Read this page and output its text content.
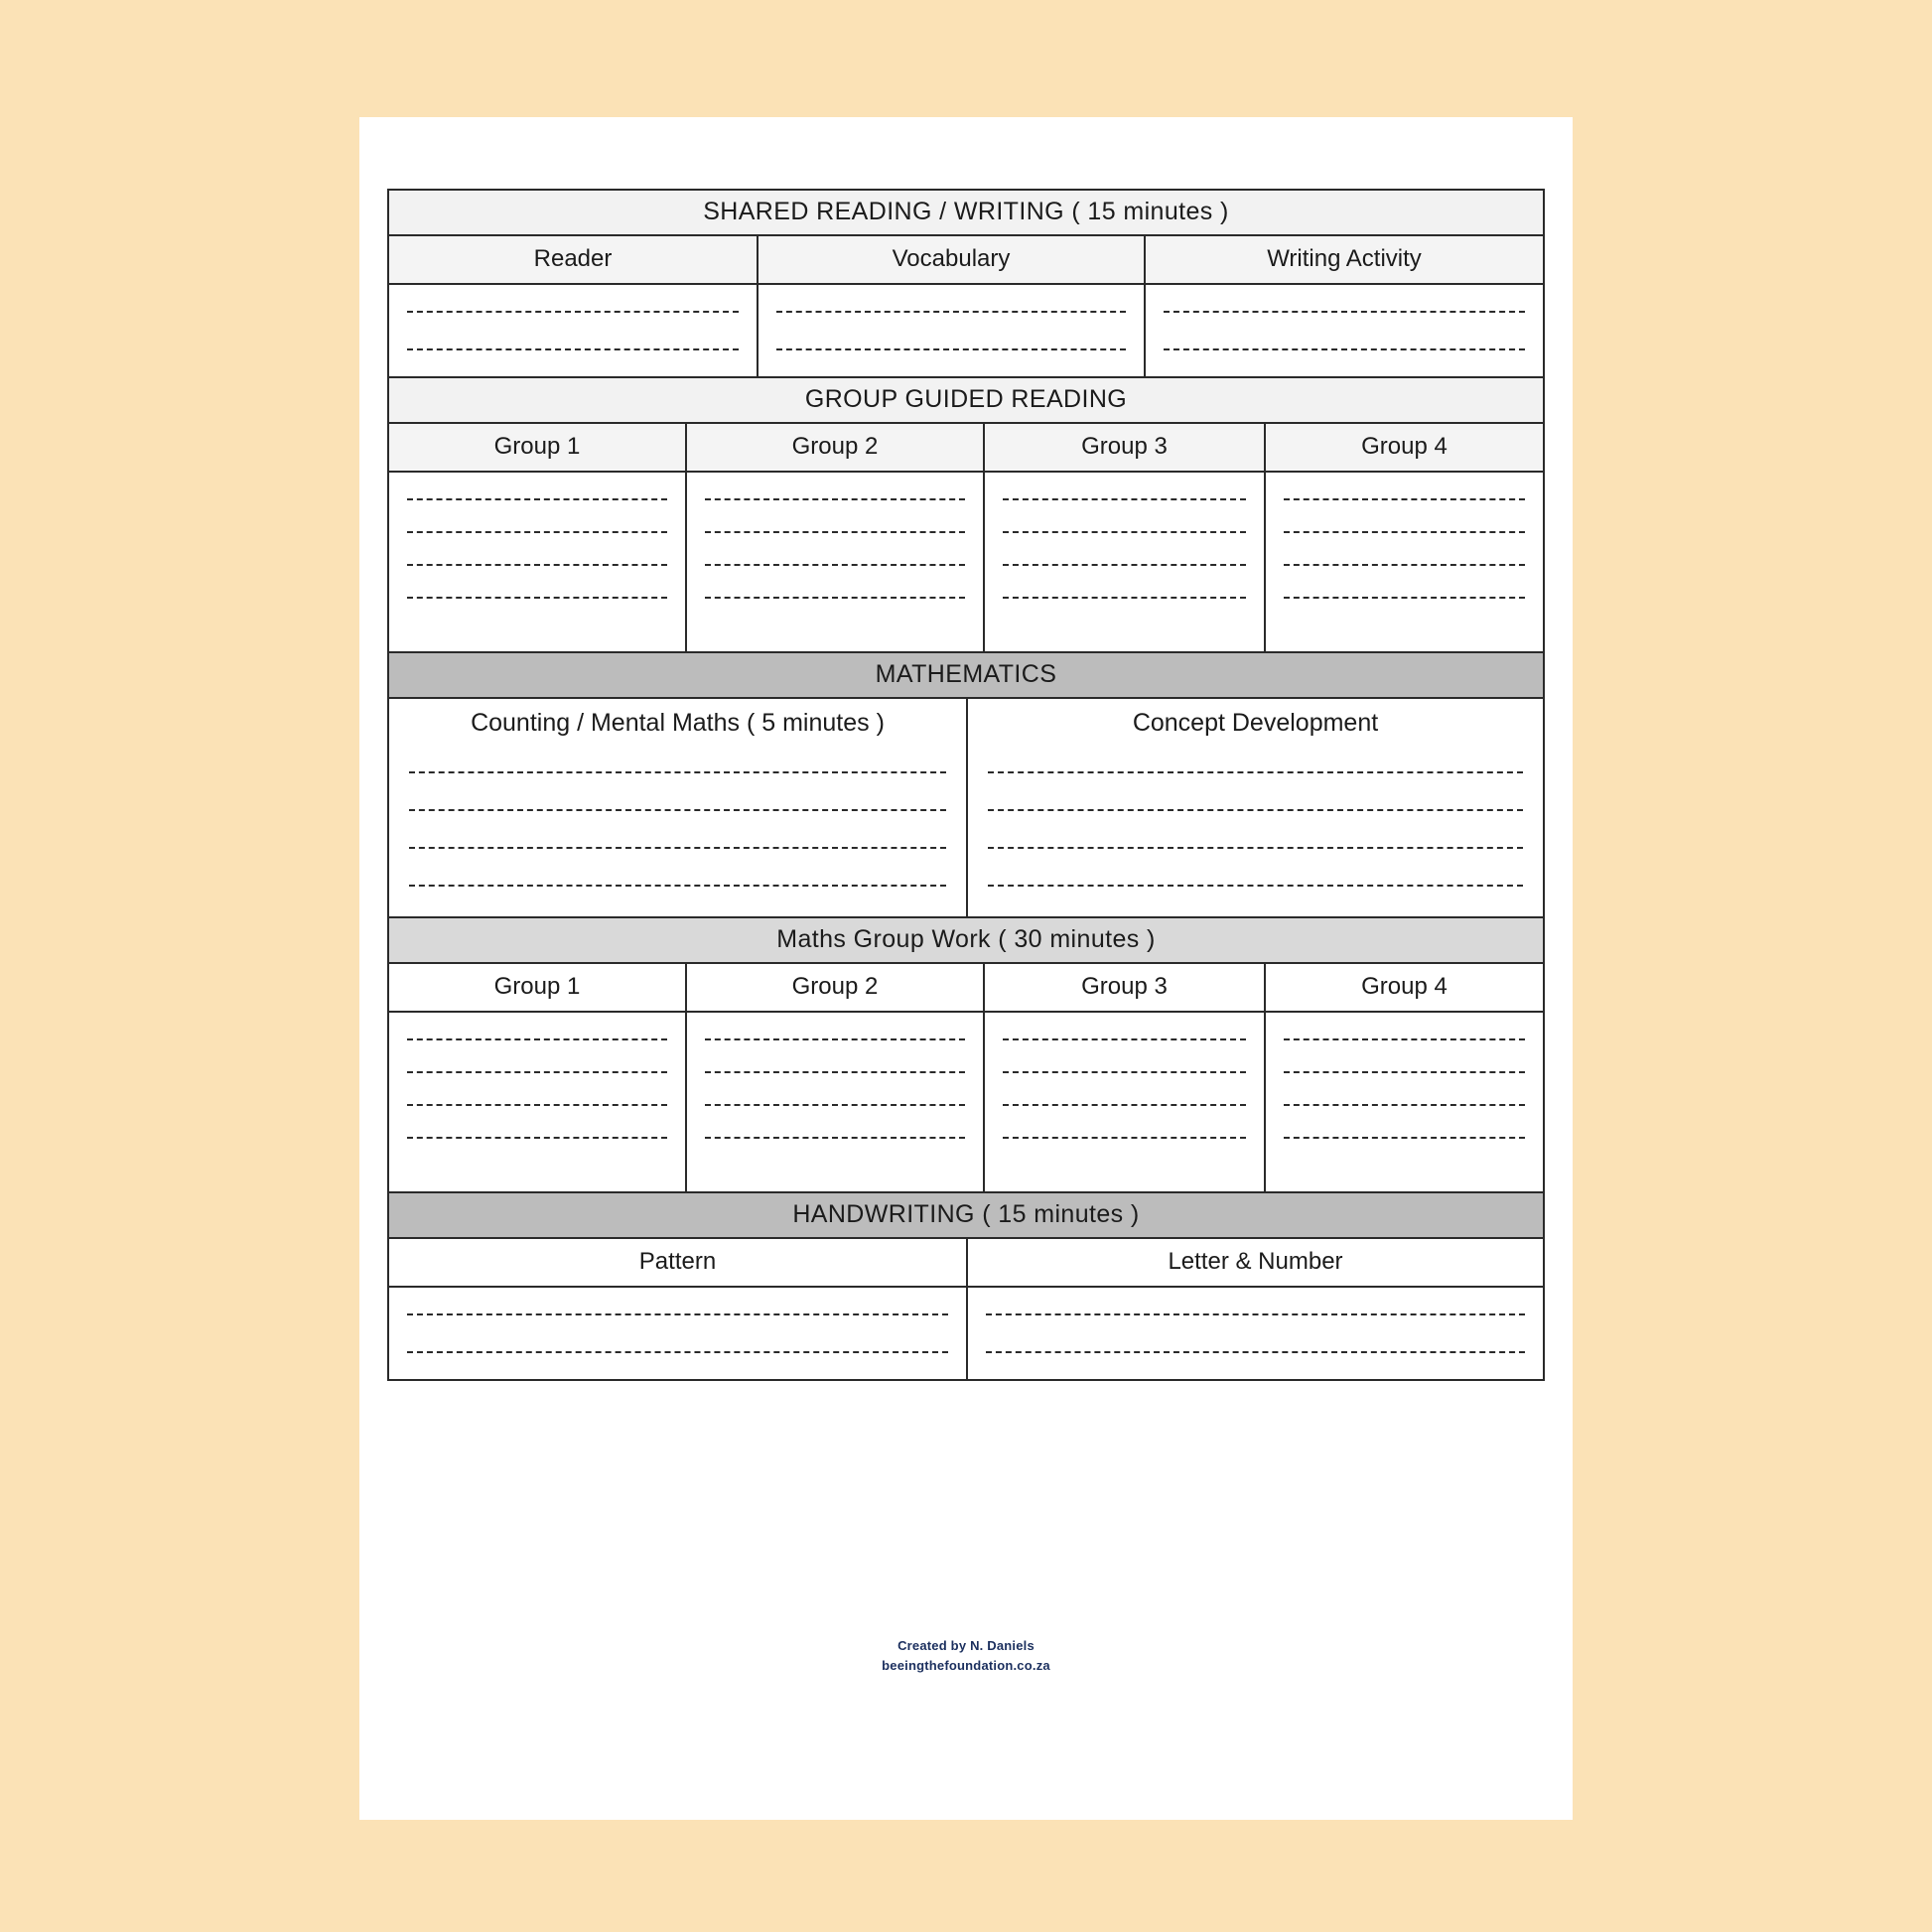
SHARED READING / WRITING ( 15 minutes )
Reader	Vocabulary	Writing Activity
GROUP GUIDED READING
Group 1	Group 2	Group 3	Group 4
MATHEMATICS
Counting / Mental Maths ( 5 minutes )	Concept Development
Maths Group Work ( 30 minutes )
Group 1	Group 2	Group 3	Group 4
HANDWRITING ( 15 minutes )
Pattern	Letter & Number
Created by N. Daniels
beeingthefoundation.co.za
